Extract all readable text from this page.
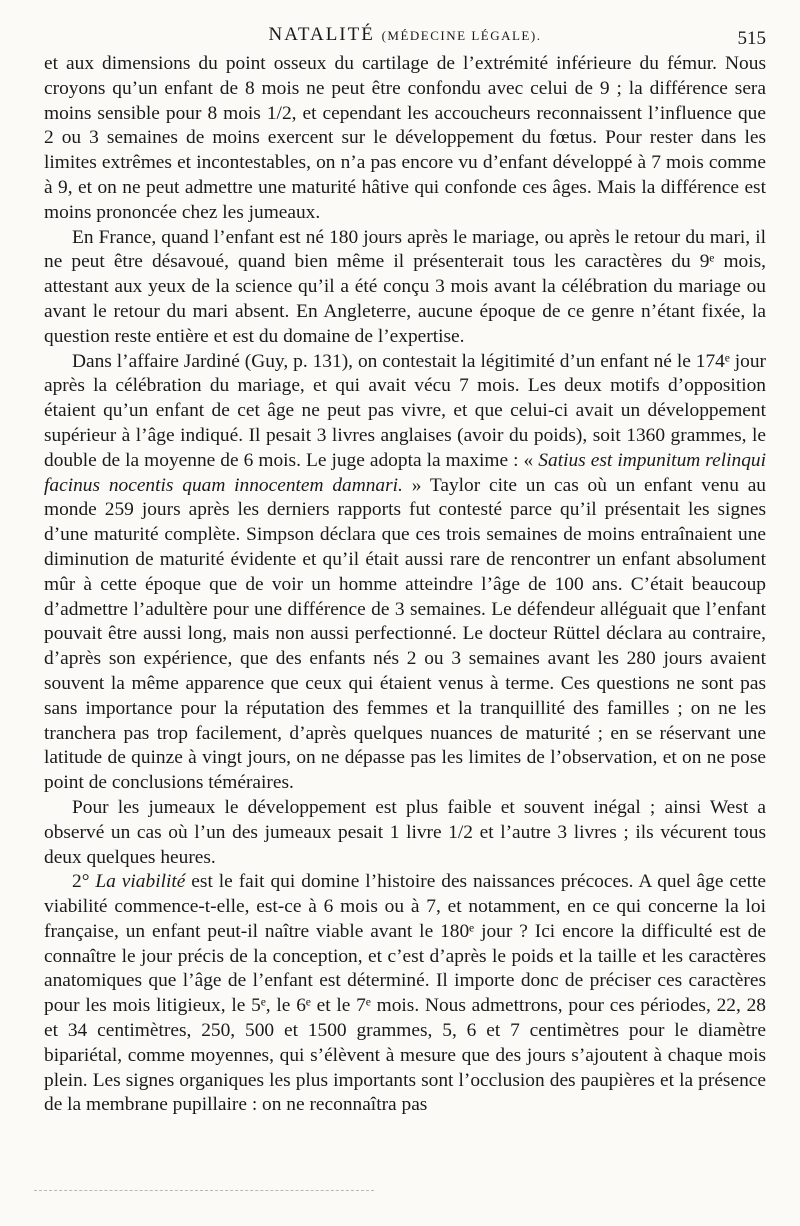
NATALITÉ (MÉDECINE LÉGALE).	515

et aux dimensions du point osseux du cartilage de l’extrémité inférieure du fémur. Nous croyons qu’un enfant de 8 mois ne peut être confondu avec celui de 9 ; la différence sera moins sensible pour 8 mois 1/2, et cependant les accoucheurs reconnaissent l’influence que 2 ou 3 semaines de moins exercent sur le développement du fœtus. Pour rester dans les limites extrêmes et incontestables, on n’a pas encore vu d’enfant développé à 7 mois comme à 9, et on ne peut admettre une maturité hâtive qui confonde ces âges. Mais la différence est moins prononcée chez les jumeaux.

En France, quand l’enfant est né 180 jours après le mariage, ou après le retour du mari, il ne peut être désavoué, quand bien même il présenterait tous les caractères du 9ᵉ mois, attestant aux yeux de la science qu’il a été conçu 3 mois avant la célébration du mariage ou avant le retour du mari absent. En Angleterre, aucune époque de ce genre n’étant fixée, la question reste entière et est du domaine de l’expertise.

Dans l’affaire Jardiné (Guy, p. 131), on contestait la légitimité d’un enfant né le 174ᵉ jour après la célébration du mariage, et qui avait vécu 7 mois. Les deux motifs d’opposition étaient qu’un enfant de cet âge ne peut pas vivre, et que celui-ci avait un développement supérieur à l’âge indiqué. Il pesait 3 livres anglaises (avoir du poids), soit 1360 grammes, le double de la moyenne de 6 mois. Le juge adopta la maxime : « Satius est impunitum relinqui facinus nocentis quam innocentem damnari. » Taylor cite un cas où un enfant venu au monde 259 jours après les derniers rapports fut contesté parce qu’il présentait les signes d’une maturité complète. Simpson déclara que ces trois semaines de moins entraînaient une diminution de maturité évidente et qu’il était aussi rare de rencontrer un enfant absolument mûr à cette époque que de voir un homme atteindre l’âge de 100 ans. C’était beaucoup d’admettre l’adultère pour une différence de 3 semaines. Le défendeur alléguait que l’enfant pouvait être aussi long, mais non aussi perfectionné. Le docteur Rüttel déclara au contraire, d’après son expérience, que des enfants nés 2 ou 3 semaines avant les 280 jours avaient souvent la même apparence que ceux qui étaient venus à terme. Ces questions ne sont pas sans importance pour la réputation des femmes et la tranquillité des familles ; on ne les tranchera pas trop facilement, d’après quelques nuances de maturité ; en se réservant une latitude de quinze à vingt jours, on ne dépasse pas les limites de l’observation, et on ne pose point de conclusions téméraires.

Pour les jumeaux le développement est plus faible et souvent inégal ; ainsi West a observé un cas où l’un des jumeaux pesait 1 livre 1/2 et l’autre 3 livres ; ils vécurent tous deux quelques heures.

2° La viabilité est le fait qui domine l’histoire des naissances précoces. A quel âge cette viabilité commence-t-elle, est-ce à 6 mois ou à 7, et notamment, en ce qui concerne la loi française, un enfant peut-il naître viable avant le 180ᵉ jour ? Ici encore la difficulté est de connaître le jour précis de la conception, et c’est d’après le poids et la taille et les caractères anatomiques que l’âge de l’enfant est déterminé. Il importe donc de préciser ces caractères pour les mois litigieux, le 5ᵉ, le 6ᵉ et le 7ᵉ mois. Nous admettrons, pour ces périodes, 22, 28 et 34 centimètres, 250, 500 et 1500 grammes, 5, 6 et 7 centimètres pour le diamètre bipariétal, comme moyennes, qui s’élèvent à mesure que des jours s’ajoutent à chaque mois plein. Les signes organiques les plus importants sont l’occlusion des paupières et la présence de la membrane pupillaire : on ne reconnaîtra pas
